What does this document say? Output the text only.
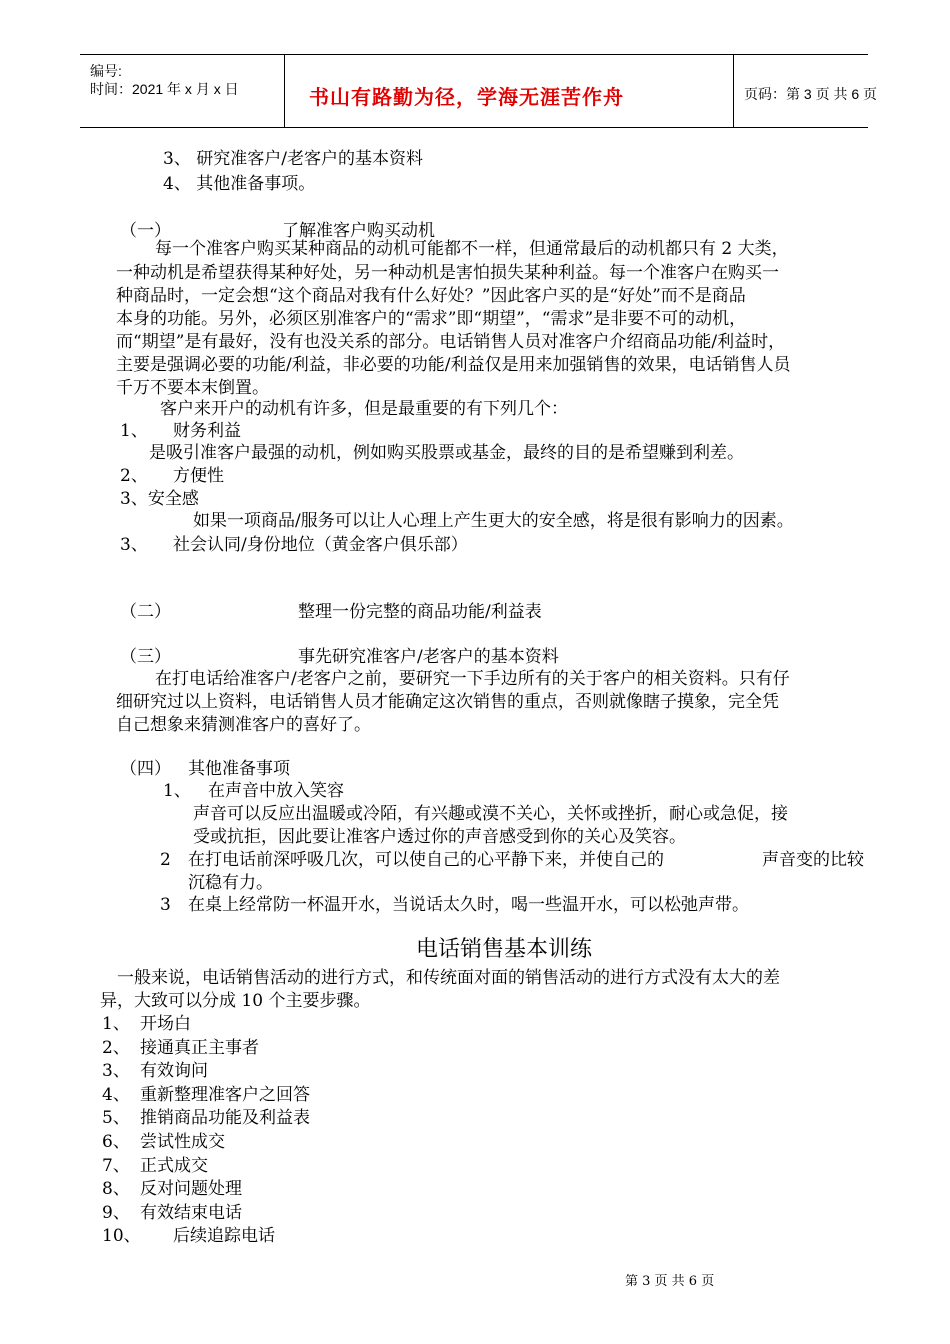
编号:
时间：2021 年 x 月 x 日	书山有路勤为径，学海无涯苦作舟	页码：第 3 页 共 6 页
3、 研究准客户/老客户的基本资料
4、 其他准备事项。
（一）	了解准客户购买动机
每一个准客户购买某种商品的动机可能都不一样，但通常最后的动机都只有 2 大类，
一种动机是希望获得某种好处，另一种动机是害怕损失某种利益。每一个准客户在购买一
种商品时，一定会想“这个商品对我有什么好处？”因此客户买的是“好处”而不是商品
本身的功能。另外，必须区别准客户的“需求”即“期望”，“需求”是非要不可的动机，
而“期望”是有最好，没有也没关系的部分。电话销售人员对准客户介绍商品功能/利益时，
主要是强调必要的功能/利益，非必要的功能/利益仅是用来加强销售的效果，电话销售人员
千万不要本末倒置。
客户来开户的动机有许多，但是最重要的有下列几个：
1、 财务利益
是吸引准客户最强的动机，例如购买股票或基金，最终的目的是希望赚到利差。
2、 方便性
3、安全感
如果一项商品/服务可以让人心理上产生更大的安全感，将是很有影响力的因素。
3、 社会认同/身份地位（黄金客户俱乐部）
（二）	整理一份完整的商品功能/利益表
（三）	事先研究准客户/老客户的基本资料
在打电话给准客户/老客户之前，要研究一下手边所有的关于客户的相关资料。只有仔
细研究过以上资料，电话销售人员才能确定这次销售的重点，否则就像瞎子摸象，完全凭
自己想象来猜测准客户的喜好了。
（四） 其他准备事项
1、 在声音中放入笑容
声音可以反应出温暖或冷陌，有兴趣或漠不关心，关怀或挫折，耐心或急促，接
受或抗拒，因此要让准客户透过你的声音感受到你的关心及笑容。
2 在打电话前深呼吸几次，可以使自己的心平静下来，并使自己的	声音变的比较
沉稳有力。
3 在桌上经常防一杯温开水，当说话太久时，喝一些温开水，可以松弛声带。
电话销售基本训练
一般来说，电话销售活动的进行方式，和传统面对面的销售活动的进行方式没有太大的差
异，大致可以分成 10 个主要步骤。
1、 开场白
2、 接通真正主事者
3、 有效询问
4、 重新整理准客户之回答
5、 推销商品功能及利益表
6、 尝试性成交
7、 正式成交
8、 反对问题处理
9、 有效结束电话
10、 后续追踪电话
第 3 页 共 6 页
